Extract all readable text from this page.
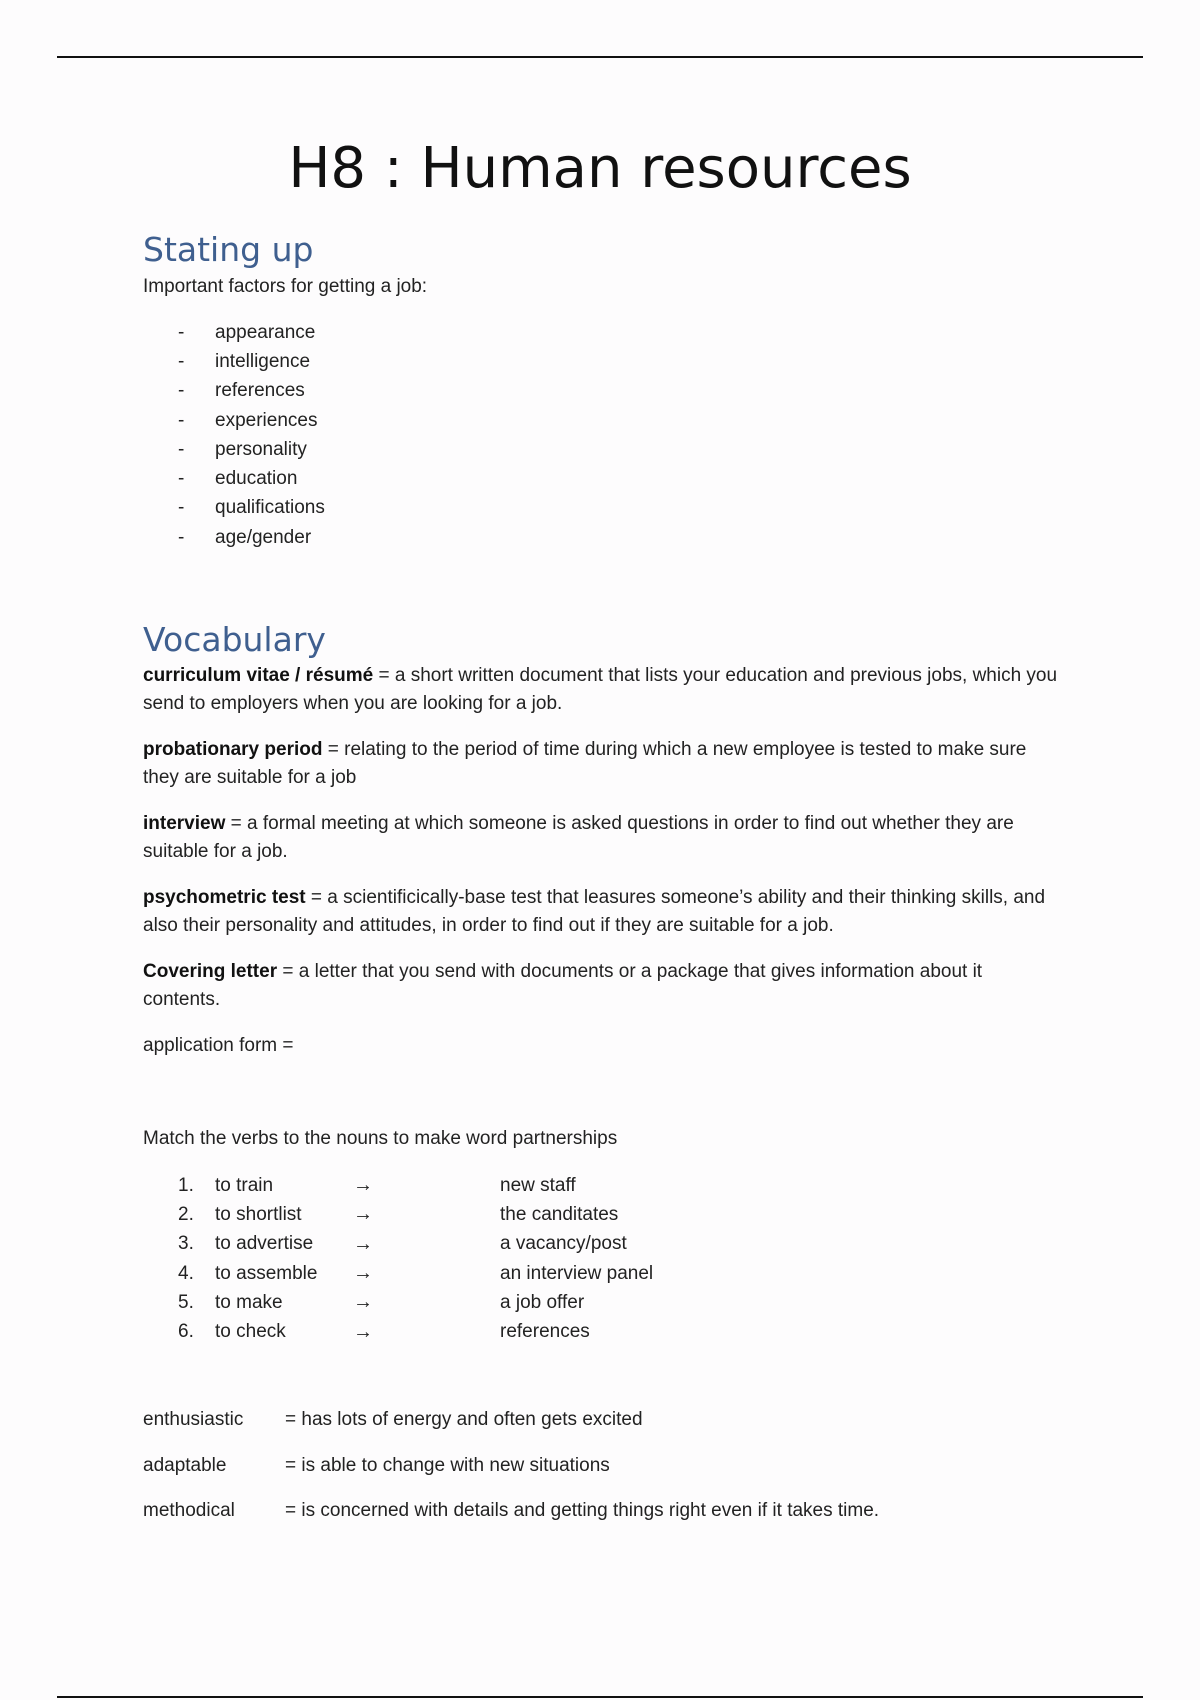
H8 : Human resources
Stating up
Important factors for getting a job:
-	appearance
-	intelligence
-	references
-	experiences
-	personality
-	education
-	qualifications
-	age/gender
Vocabulary

curriculum vitae / résumé = a short written document that lists your education and previous jobs, which you send to employers when you are looking for a job.

probationary period = relating to the period of time during which a new employee is tested to make sure they are suitable for a job

interview = a formal meeting at which someone is asked questions in order to find out whether they are suitable for a job.

psychometric test = a scientificically-base test that leasures someone’s ability and their thinking skills, and also their personality and attitudes, in order to find out if they are suitable for a job.

Covering letter = a letter that you send with documents or a package that gives information about it contents.

application form =

Match the verbs to the nouns to make word partnerships
1.	to train	→	new staff
2.	to shortlist	→	the canditates
3.	to advertise	→	a vacancy/post
4.	to assemble	→	an interview panel
5.	to make	→	a job offer
6.	to check	→	references
enthusiastic	= has lots of energy and often gets excited
adaptable	= is able to change with new situations
methodical	= is concerned with details and getting things right even if it takes time.
